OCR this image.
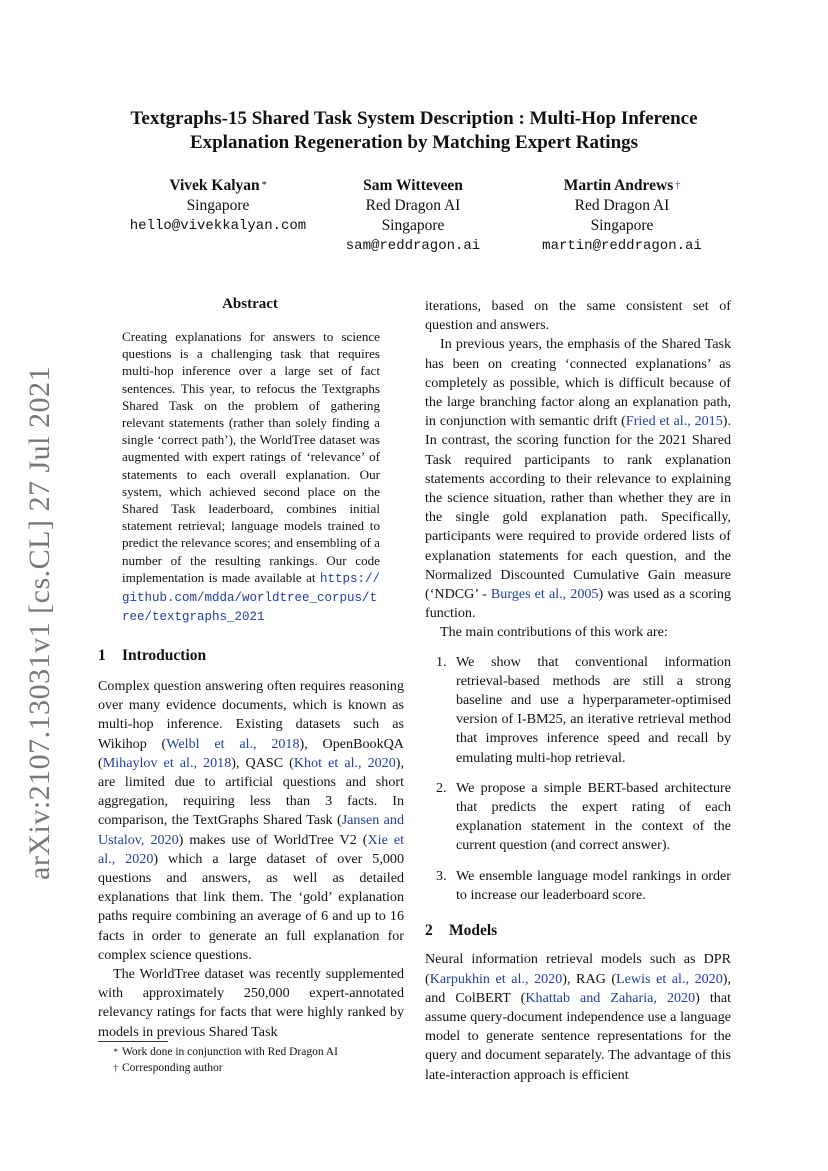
Textgraphs-15 Shared Task System Description : Multi-Hop Inference
Explanation Regeneration by Matching Expert Ratings
Vivek Kalyan *
Singapore
hello@vivekkalyan.com
Sam Witteveen
Red Dragon AI
Singapore
sam@reddragon.ai
Martin Andrews †
Red Dragon AI
Singapore
martin@reddragon.ai
arXiv:2107.13031v1 [cs.CL] 27 Jul 2021
Abstract
Creating explanations for answers to science questions is a challenging task that requires multi-hop inference over a large set of fact sentences. This year, to refocus the Textgraphs Shared Task on the problem of gathering relevant statements (rather than solely finding a single ‘correct path’), the WorldTree dataset was augmented with expert ratings of ‘relevance’ of statements to each overall explanation. Our system, which achieved second place on the Shared Task leaderboard, combines initial statement retrieval; language models trained to predict the relevance scores; and ensembling of a number of the resulting rankings. Our code implementation is made available at https://github.com/mdda/worldtree_corpus/tree/textgraphs_2021
1 Introduction

Complex question answering often requires reasoning over many evidence documents, which is known as multi-hop inference. Existing datasets such as Wikihop (Welbl et al., 2018), OpenBookQA (Mihaylov et al., 2018), QASC (Khot et al., 2020), are limited due to artificial questions and short aggregation, requiring less than 3 facts. In comparison, the TextGraphs Shared Task (Jansen and Ustalov, 2020) makes use of WorldTree V2 (Xie et al., 2020) which a large dataset of over 5,000 questions and answers, as well as detailed explanations that link them. The ‘gold’ explanation paths require combining an average of 6 and up to 16 facts in order to generate an full explanation for complex science questions.

The WorldTree dataset was recently supplemented with approximately 250,000 expert-annotated relevancy ratings for facts that were highly ranked by models in previous Shared Task

* Work done in conjunction with Red Dragon AI
† Corresponding author

iterations, based on the same consistent set of question and answers.

In previous years, the emphasis of the Shared Task has been on creating ‘connected explanations’ as completely as possible, which is difficult because of the large branching factor along an explanation path, in conjunction with semantic drift (Fried et al., 2015). In contrast, the scoring function for the 2021 Shared Task required participants to rank explanation statements according to their relevance to explaining the science situation, rather than whether they are in the single gold explanation path. Specifically, participants were required to provide ordered lists of explanation statements for each question, and the Normalized Discounted Cumulative Gain measure (‘NDCG’ - Burges et al., 2005) was used as a scoring function.

The main contributions of this work are:

1. We show that conventional information retrieval-based methods are still a strong baseline and use a hyperparameter-optimised version of I-BM25, an iterative retrieval method that improves inference speed and recall by emulating multi-hop retrieval.
2. We propose a simple BERT-based architecture that predicts the expert rating of each explanation statement in the context of the current question (and correct answer).
3. We ensemble language model rankings in order to increase our leaderboard score.
2 Models

Neural information retrieval models such as DPR (Karpukhin et al., 2020), RAG (Lewis et al., 2020), and ColBERT (Khattab and Zaharia, 2020) that assume query-document independence use a language model to generate sentence representations for the query and document separately. The advantage of this late-interaction approach is efficient
